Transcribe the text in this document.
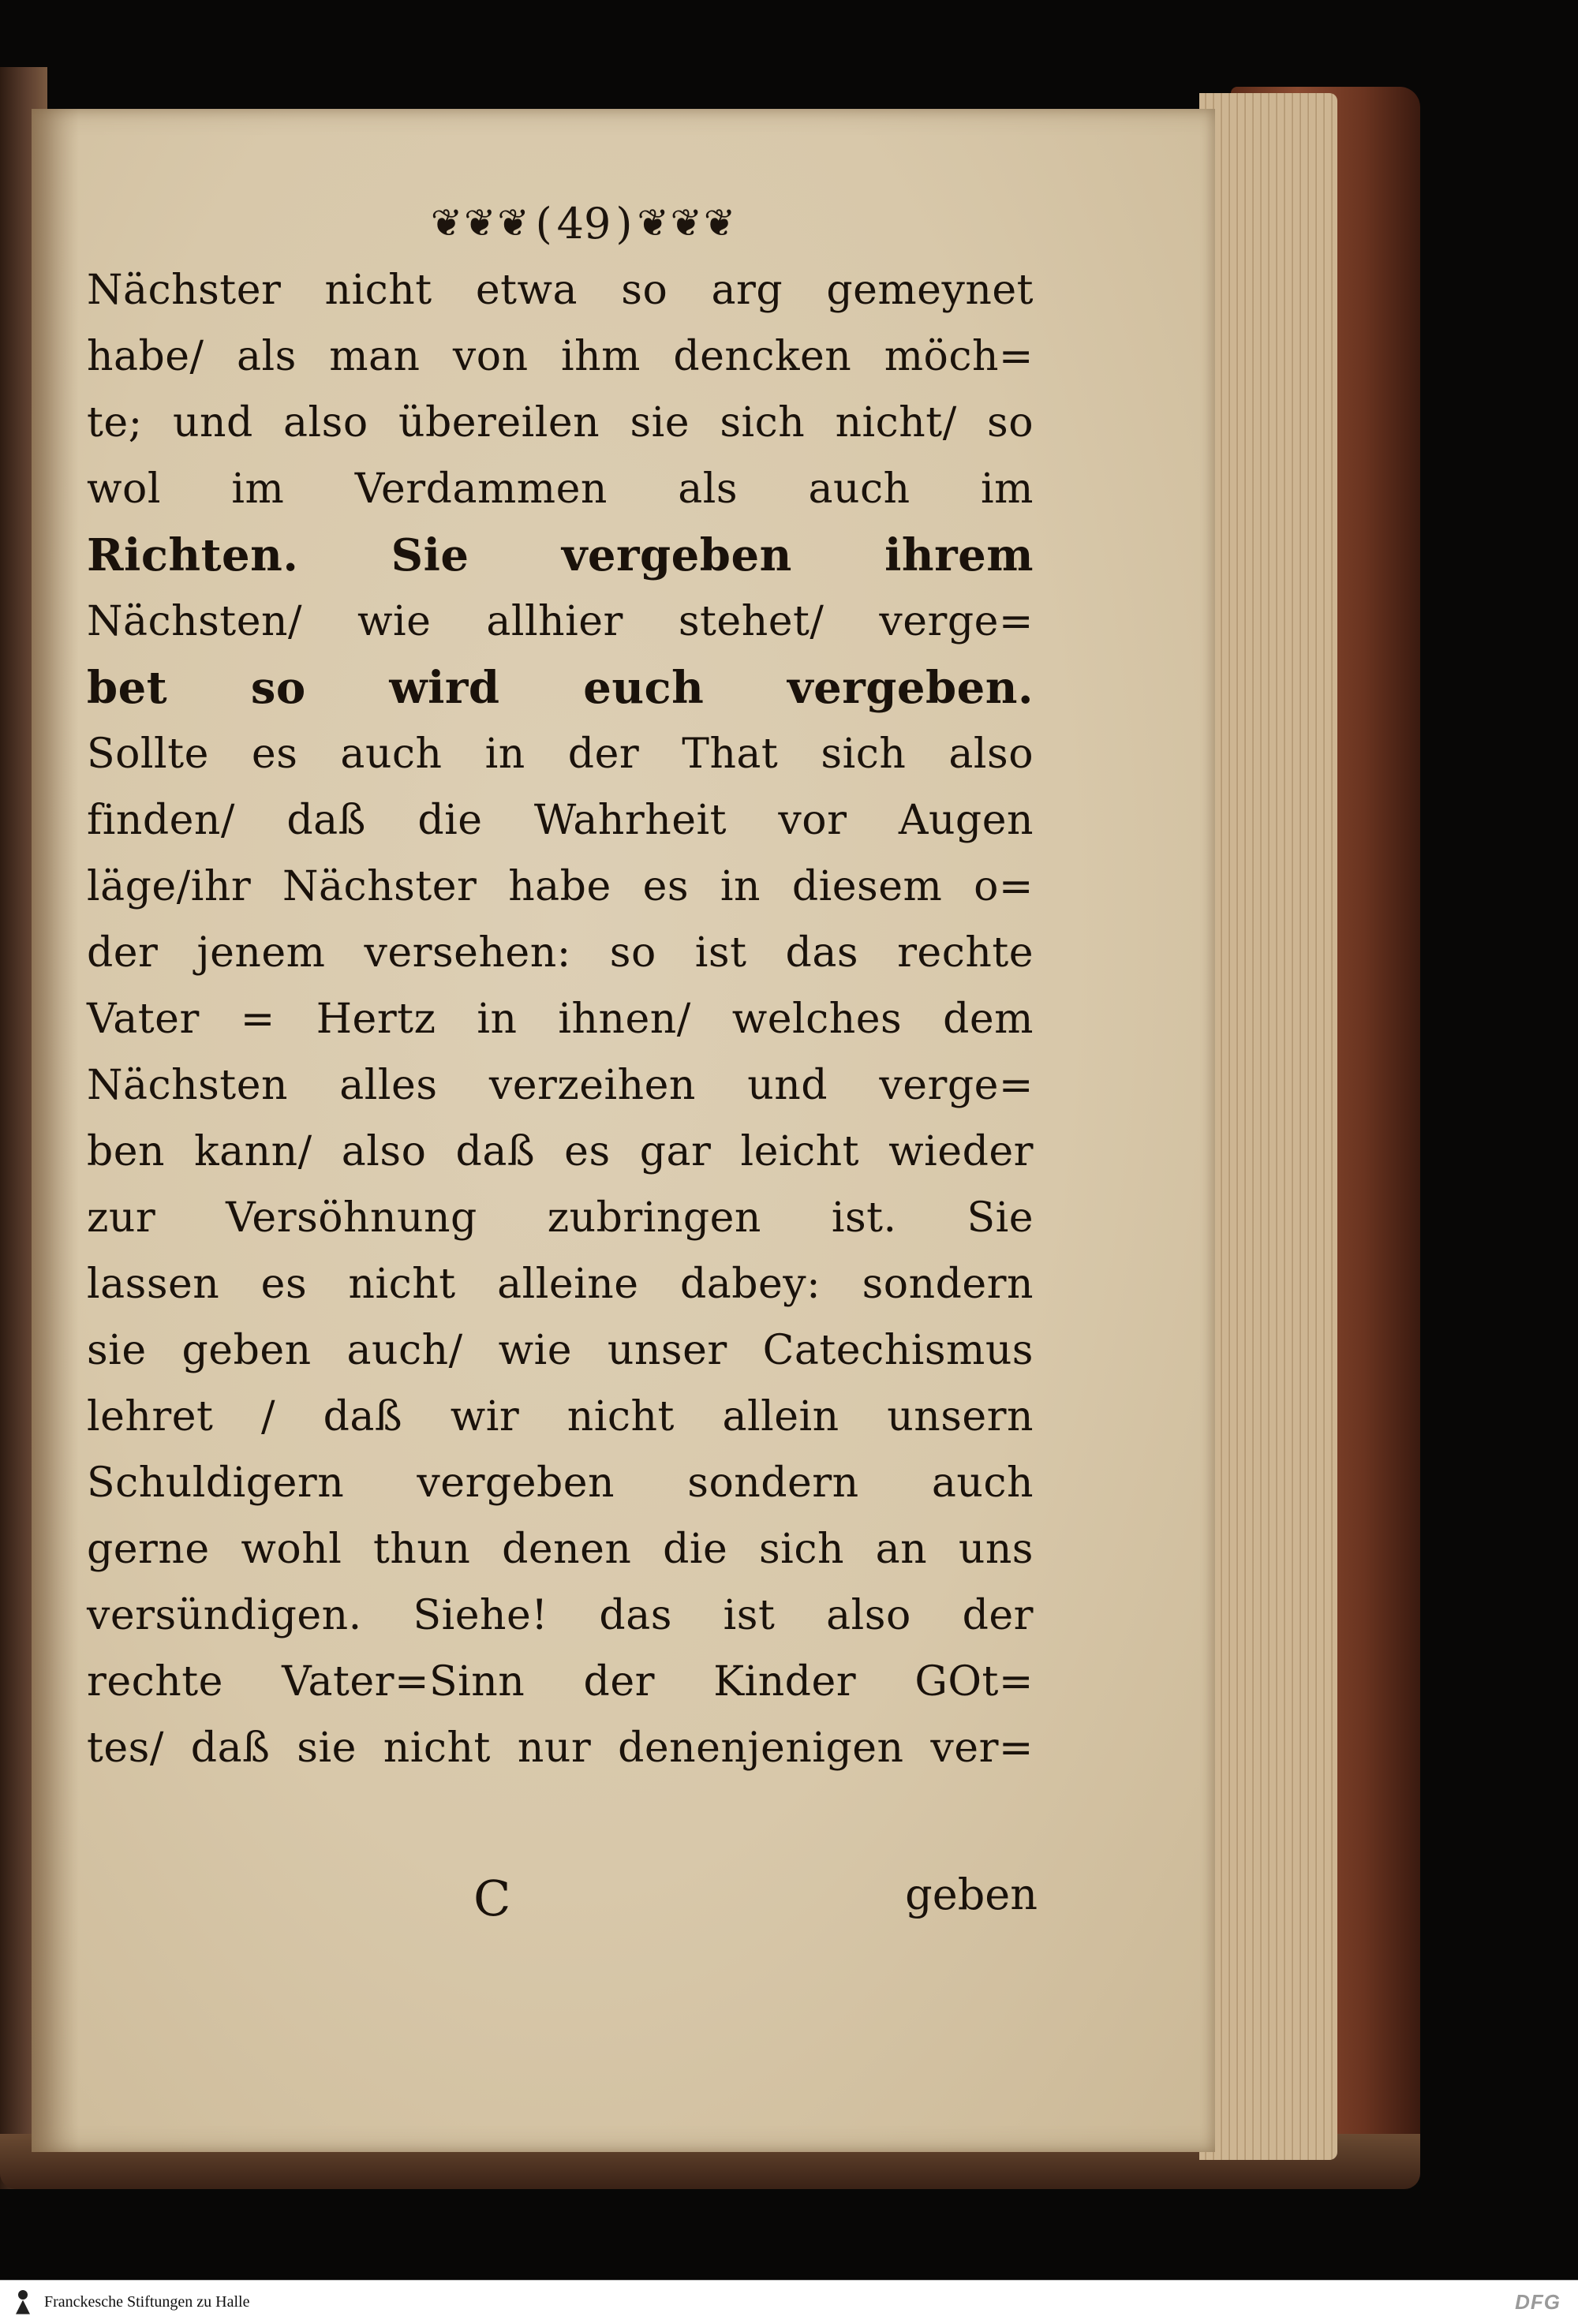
❦❦❦ ( 49 ) ❦❦❦
Nächster nicht etwa so arg gemeynet
habe/ als man von ihm dencken möch=
te; und also übereilen sie sich nicht/ so
wol im Verdammen als auch im
Richten. Sie vergeben ihrem
Nächsten/ wie allhier stehet/ verge=
bet so wird euch vergeben.
Sollte es auch in der That sich also
finden/ daß die Wahrheit vor Augen
läge/ihr Nächster habe es in diesem o=
der jenem versehen: so ist das rechte
Vater = Hertz in ihnen/ welches dem
Nächsten alles verzeihen und verge=
ben kann/ also daß es gar leicht wieder
zur Versöhnung zubringen ist. Sie
lassen es nicht alleine dabey: sondern
sie geben auch/ wie unser Catechismus
lehret / daß wir nicht allein unsern
Schuldigern vergeben sondern auch
gerne wohl thun denen die sich an uns
versündigen. Siehe! das ist also der
rechte Vater=Sinn der Kinder GOt=
tes/ daß sie nicht nur denenjenigen ver=
C	geben
Franckesche Stiftungen zu Halle	DFG
